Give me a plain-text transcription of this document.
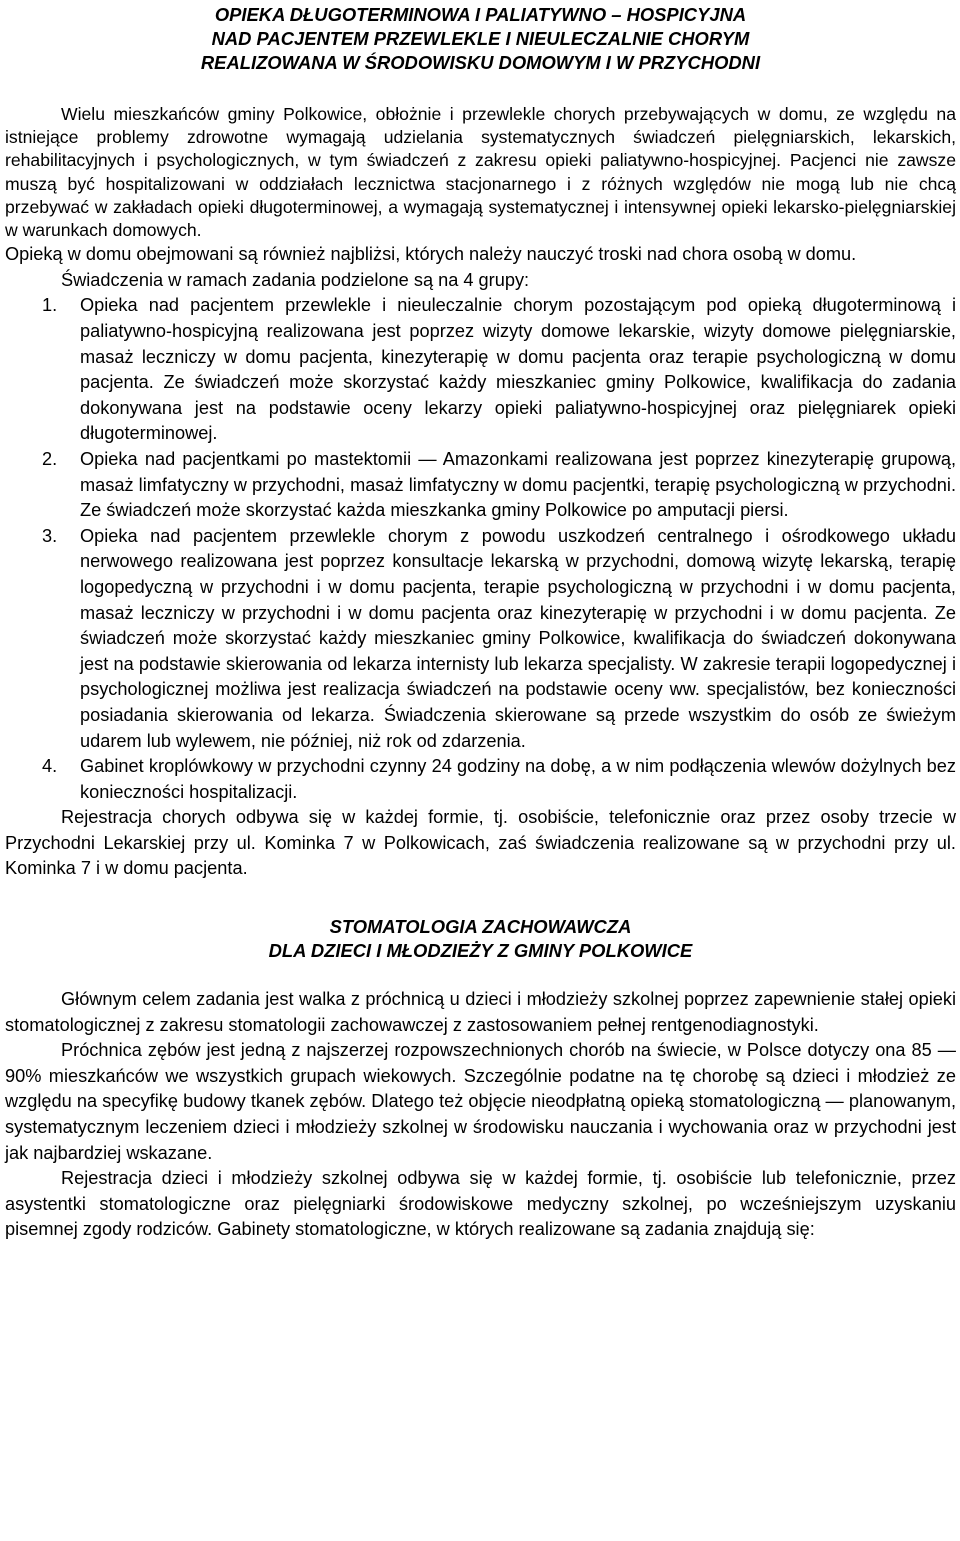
OPIEKA DŁUGOTERMINOWA I PALIATYWNO – HOSPICYJNA
NAD PACJENTEM PRZEWLEKLE I NIEULECZALNIE CHORYM
REALIZOWANA W ŚRODOWISKU DOMOWYM I W PRZYCHODNI

Wielu mieszkańców gminy Polkowice, obłożnie i przewlekle chorych przebywających w domu, ze względu na istniejące problemy zdrowotne wymagają udzielania systematycznych świadczeń pielęgniarskich, lekarskich, rehabilitacyjnych i psychologicznych, w tym świadczeń z zakresu opieki paliatywno-hospicyjnej. Pacjenci nie zawsze muszą być hospitalizowani w oddziałach lecznictwa stacjonarnego i z różnych względów nie mogą lub nie chcą przebywać w zakładach opieki długoterminowej, a wymagają systematycznej i intensywnej opieki lekarsko-pielęgniarskiej w warunkach domowych.

Opieką w domu obejmowani są również najbliżsi, których należy nauczyć troski nad chora osobą w domu.

Świadczenia w ramach zadania podzielone są na 4 grupy:

1. Opieka nad pacjentem przewlekle i nieuleczalnie chorym pozostającym pod opieką długoterminową i paliatywno-hospicyjną realizowana jest poprzez wizyty domowe lekarskie, wizyty domowe pielęgniarskie, masaż leczniczy w domu pacjenta, kinezyterapię w domu pacjenta oraz terapie psychologiczną w domu pacjenta. Ze świadczeń może skorzystać każdy mieszkaniec gminy Polkowice, kwalifikacja do zadania dokonywana jest na podstawie oceny lekarzy opieki paliatywno-hospicyjnej oraz pielęgniarek opieki długoterminowej.
2. Opieka nad pacjentkami po mastektomii — Amazonkami realizowana jest poprzez kinezyterapię grupową, masaż limfatyczny w przychodni, masaż limfatyczny w domu pacjentki, terapię psychologiczną w przychodni. Ze świadczeń może skorzystać każda mieszkanka gminy Polkowice po amputacji piersi.
3. Opieka nad pacjentem przewlekle chorym z powodu uszkodzeń centralnego i ośrodkowego układu nerwowego realizowana jest poprzez konsultacje lekarską w przychodni, domową wizytę lekarską, terapię logopedyczną w przychodni i w domu pacjenta, terapie psychologiczną w przychodni i w domu pacjenta, masaż leczniczy w przychodni i w domu pacjenta oraz kinezyterapię w przychodni i w domu pacjenta. Ze świadczeń może skorzystać każdy mieszkaniec gminy Polkowice, kwalifikacja do świadczeń dokonywana jest na podstawie skierowania od lekarza internisty lub lekarza specjalisty. W zakresie terapii logopedycznej i psychologicznej możliwa jest realizacja świadczeń na podstawie oceny ww. specjalistów, bez konieczności posiadania skierowania od lekarza. Świadczenia skierowane są przede wszystkim do osób ze świeżym udarem lub wylewem, nie później, niż rok od zdarzenia.
4. Gabinet kroplówkowy w przychodni czynny 24 godziny na dobę, a w nim podłączenia wlewów dożylnych bez konieczności hospitalizacji.

Rejestracja chorych odbywa się w każdej formie, tj. osobiście, telefonicznie oraz przez osoby trzecie w Przychodni Lekarskiej przy ul. Kominka 7 w Polkowicach, zaś świadczenia realizowane są w przychodni przy ul. Kominka 7 i w domu pacjenta.

STOMATOLOGIA ZACHOWAWCZA
DLA DZIECI I MŁODZIEŻY Z GMINY POLKOWICE

Głównym celem zadania jest walka z próchnicą u dzieci i młodzieży szkolnej poprzez zapewnienie stałej opieki stomatologicznej z zakresu stomatologii zachowawczej z zastosowaniem pełnej rentgenodiagnostyki.

Próchnica zębów jest jedną z najszerzej rozpowszechnionych chorób na świecie, w Polsce dotyczy ona 85 — 90% mieszkańców we wszystkich grupach wiekowych. Szczególnie podatne na tę chorobę są dzieci i młodzież ze względu na specyfikę budowy tkanek zębów. Dlatego też objęcie nieodpłatną opieką stomatologiczną — planowanym, systematycznym leczeniem dzieci i młodzieży szkolnej w środowisku nauczania i wychowania oraz w przychodni jest jak najbardziej wskazane.

Rejestracja dzieci i młodzieży szkolnej odbywa się w każdej formie, tj. osobiście lub telefonicznie, przez asystentki stomatologiczne oraz pielęgniarki środowiskowe medyczny szkolnej, po wcześniejszym uzyskaniu pisemnej zgody rodziców. Gabinety stomatologiczne, w których realizowane są zadania znajdują się:
